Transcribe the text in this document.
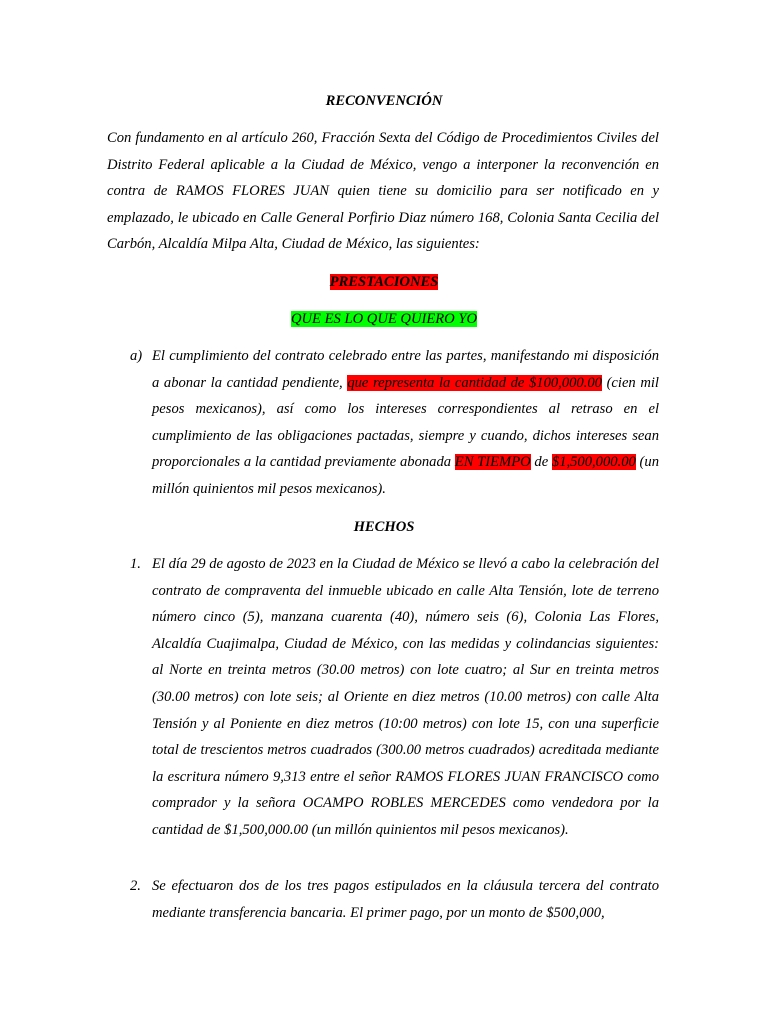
RECONVENCIÓN
Con fundamento en al artículo 260, Fracción Sexta del Código de Procedimientos Civiles del Distrito Federal aplicable a la Ciudad de México, vengo a interponer la reconvención en contra de RAMOS FLORES JUAN quien tiene su domicilio para ser notificado en y emplazado, le ubicado en Calle General Porfirio Diaz número 168, Colonia Santa Cecilia del Carbón, Alcaldía Milpa Alta, Ciudad de México, las siguientes:
PRESTACIONES
QUE ES LO QUE QUIERO YO
a) El cumplimiento del contrato celebrado entre las partes, manifestando mi disposición a abonar la cantidad pendiente, que representa la cantidad de $100,000.00 (cien mil pesos mexicanos), así como los intereses correspondientes al retraso en el cumplimiento de las obligaciones pactadas, siempre y cuando, dichos intereses sean proporcionales a la cantidad previamente abonada EN TIEMPO de $1,500,000.00 (un millón quinientos mil pesos mexicanos).
HECHOS
1. El día 29 de agosto de 2023 en la Ciudad de México se llevó a cabo la celebración del contrato de compraventa del inmueble ubicado en calle Alta Tensión, lote de terreno número cinco (5), manzana cuarenta (40), número seis (6), Colonia Las Flores, Alcaldía Cuajimalpa, Ciudad de México, con las medidas y colindancias siguientes: al Norte en treinta metros (30.00 metros) con lote cuatro; al Sur en treinta metros (30.00 metros) con lote seis; al Oriente en diez metros (10.00 metros) con calle Alta Tensión y al Poniente en diez metros (10:00 metros) con lote 15, con una superficie total de trescientos metros cuadrados (300.00 metros cuadrados) acreditada mediante la escritura número 9,313 entre el señor RAMOS FLORES JUAN FRANCISCO como comprador y la señora OCAMPO ROBLES MERCEDES como vendedora por la cantidad de $1,500,000.00 (un millón quinientos mil pesos mexicanos).
2. Se efectuaron dos de los tres pagos estipulados en la cláusula tercera del contrato mediante transferencia bancaria. El primer pago, por un monto de $500,000,
